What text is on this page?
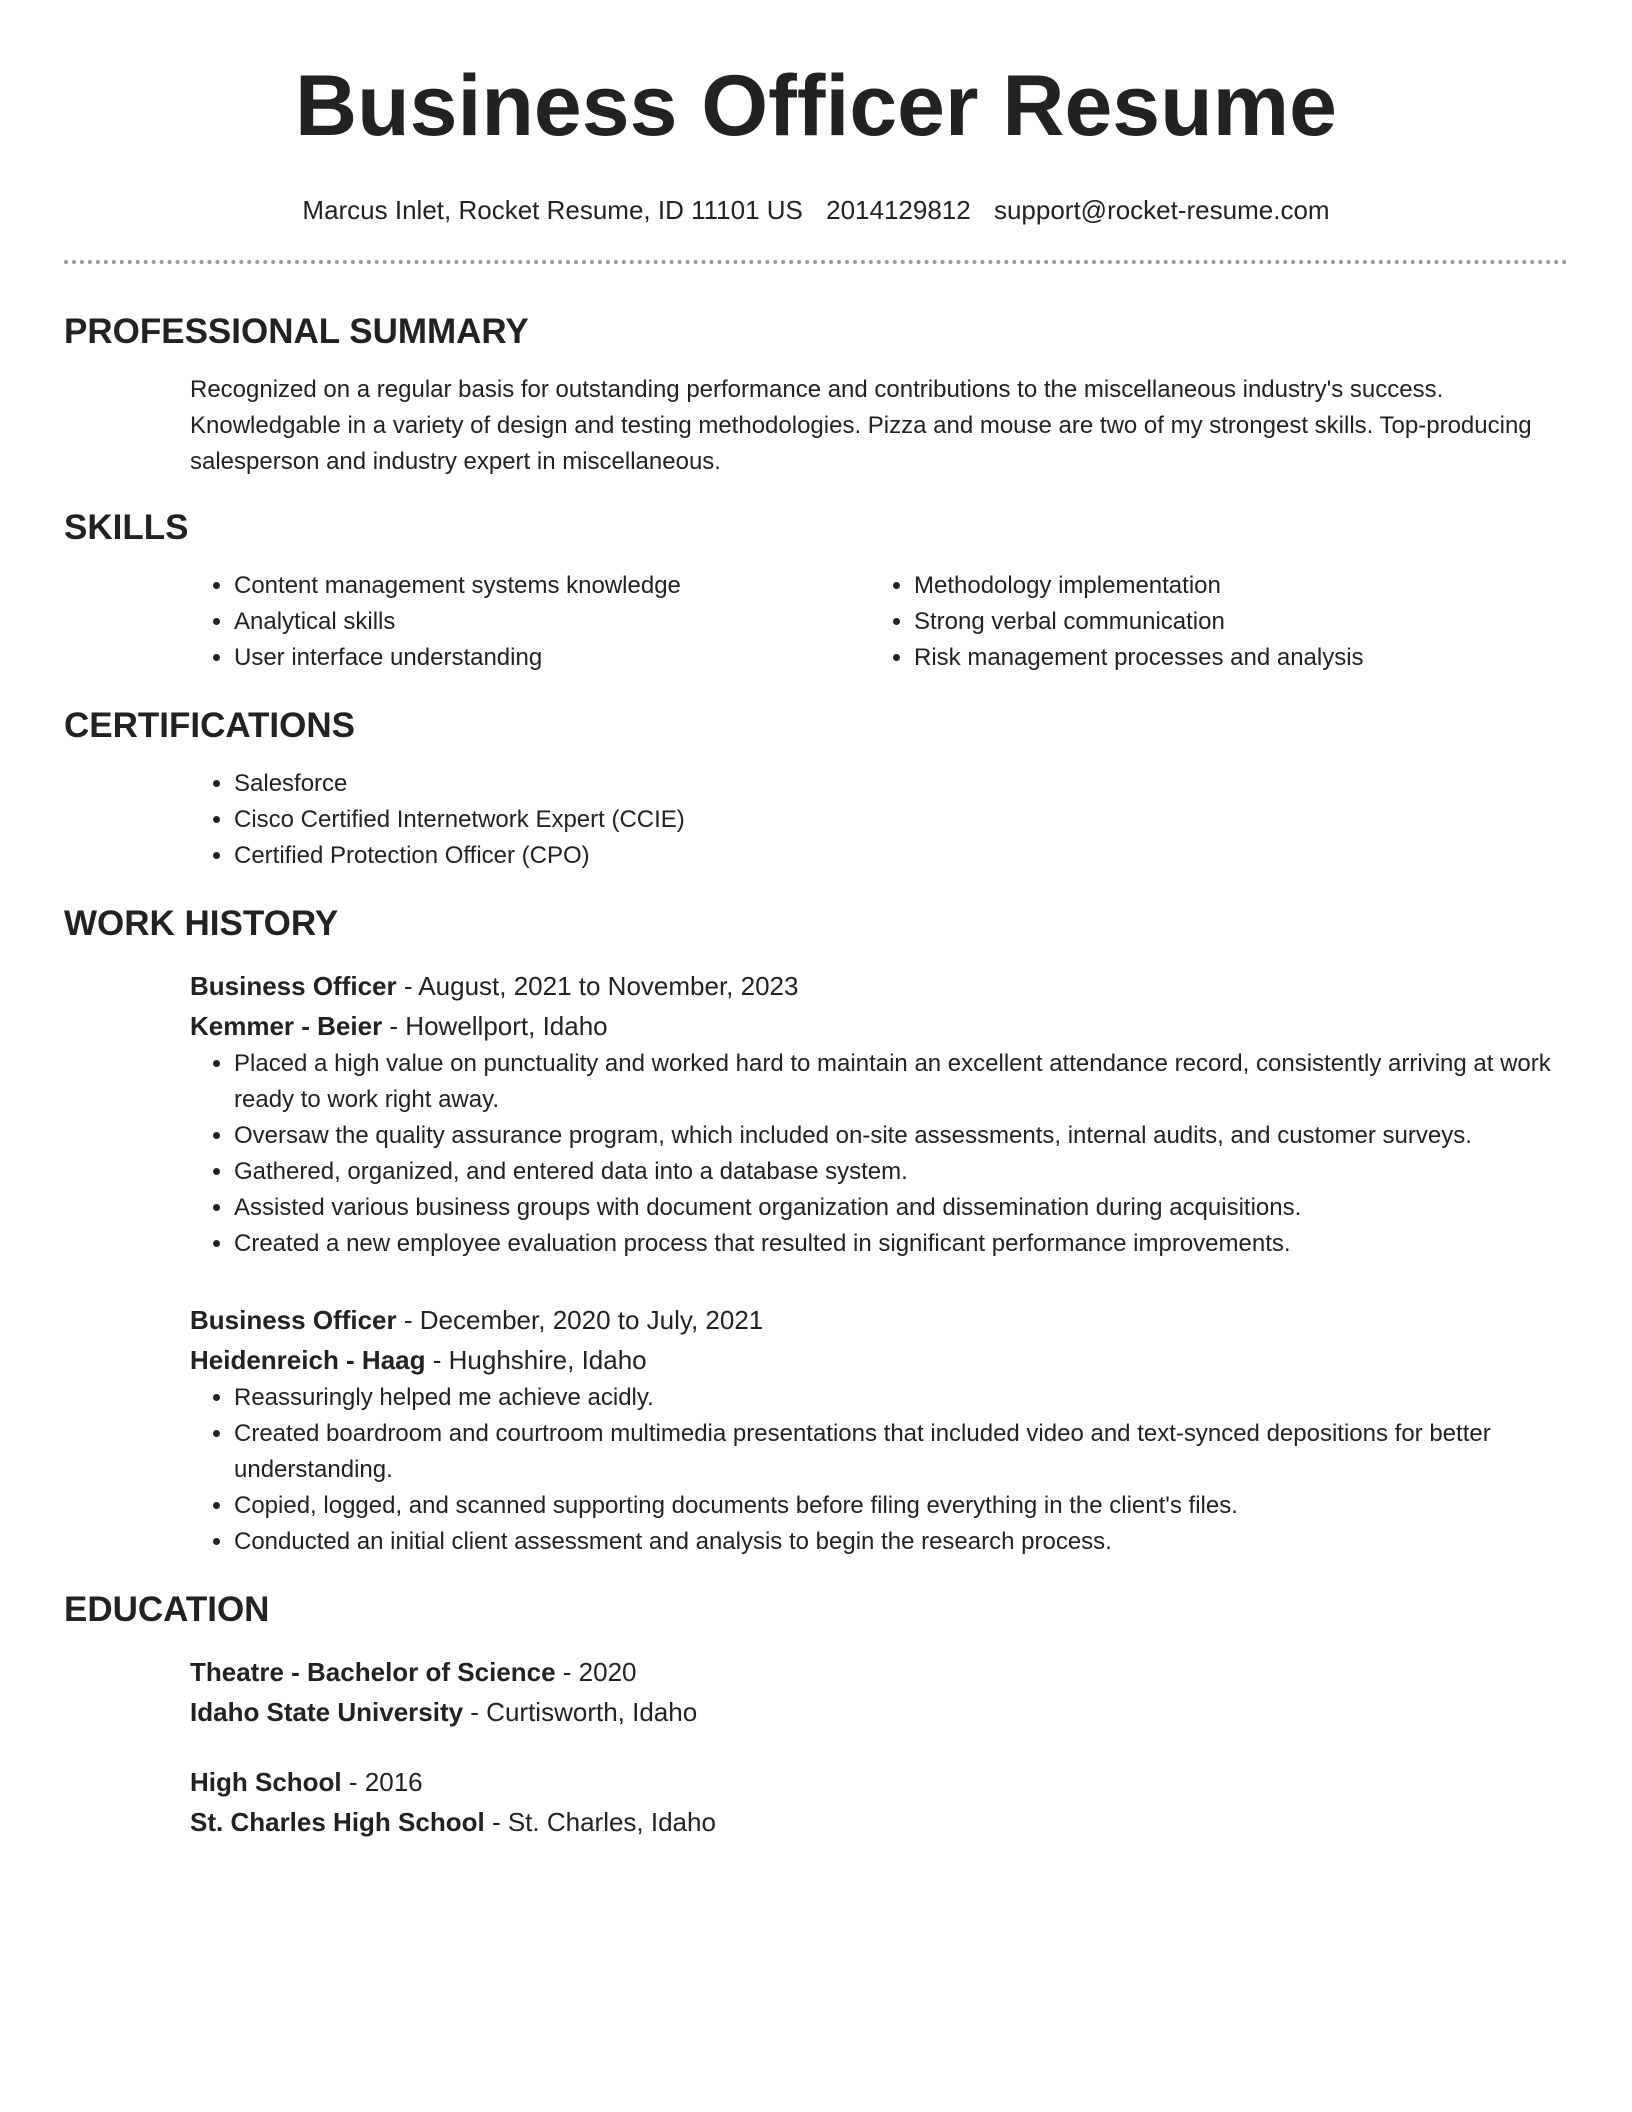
Business Officer Resume
Marcus Inlet, Rocket Resume, ID 11101 US 2014129812 support@rocket-resume.com
PROFESSIONAL SUMMARY
Recognized on a regular basis for outstanding performance and contributions to the miscellaneous industry's success. Knowledgable in a variety of design and testing methodologies. Pizza and mouse are two of my strongest skills. Top-producing salesperson and industry expert in miscellaneous.
SKILLS
• Content management systems knowledge
• Analytical skills
• User interface understanding
• Methodology implementation
• Strong verbal communication
• Risk management processes and analysis
CERTIFICATIONS
• Salesforce
• Cisco Certified Internetwork Expert (CCIE)
• Certified Protection Officer (CPO)
WORK HISTORY
Business Officer - August, 2021 to November, 2023
Kemmer - Beier - Howellport, Idaho
• Placed a high value on punctuality and worked hard to maintain an excellent attendance record, consistently arriving at work ready to work right away.
• Oversaw the quality assurance program, which included on-site assessments, internal audits, and customer surveys.
• Gathered, organized, and entered data into a database system.
• Assisted various business groups with document organization and dissemination during acquisitions.
• Created a new employee evaluation process that resulted in significant performance improvements.
Business Officer - December, 2020 to July, 2021
Heidenreich - Haag - Hughshire, Idaho
• Reassuringly helped me achieve acidly.
• Created boardroom and courtroom multimedia presentations that included video and text-synced depositions for better understanding.
• Copied, logged, and scanned supporting documents before filing everything in the client's files.
• Conducted an initial client assessment and analysis to begin the research process.
EDUCATION
Theatre - Bachelor of Science - 2020
Idaho State University - Curtisworth, Idaho
High School - 2016
St. Charles High School - St. Charles, Idaho
